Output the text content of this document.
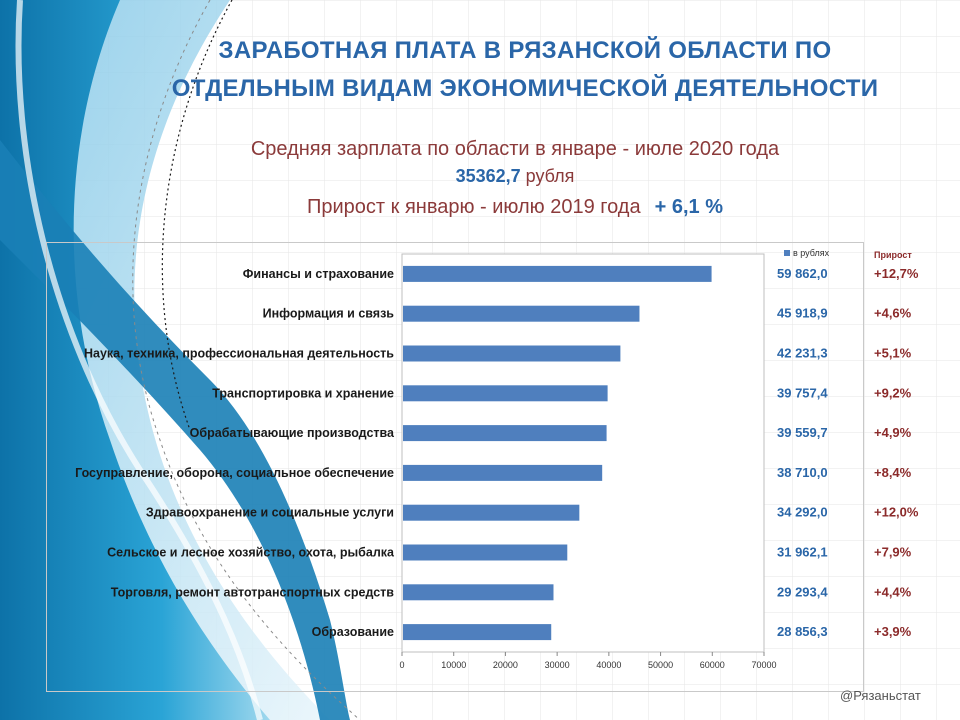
ЗАРАБОТНАЯ ПЛАТА В РЯЗАНСКОЙ ОБЛАСТИ ПО ОТДЕЛЬНЫМ ВИДАМ ЭКОНОМИЧЕСКОЙ ДЕЯТЕЛЬНОСТИ
Средняя зарплата по области в январе - июле 2020 года
35362,7 рубля
Прирост к январю - июлю 2019 года + 6,1 %
в рублях	Прирост
0	10000	20000	30000	40000	50000	60000	70000
Финансы и страхование	59 862,0	+12,7%
Информация и связь	45 918,9	+4,6%
Наука, техника, профессиональная деятельность	42 231,3	+5,1%
Транспортировка и хранение	39 757,4	+9,2%
Обрабатывающие производства	39 559,7	+4,9%
Госуправление, оборона, социальное обеспечение	38 710,0	+8,4%
Здравоохранение и социальные услуги	34 292,0	+12,0%
Сельское и лесное хозяйство, охота, рыбалка	31 962,1	+7,9%
Торговля, ремонт автотранспортных средств	29 293,4	+4,4%
Образование	28 856,3	+3,9%
@Рязаньстат
